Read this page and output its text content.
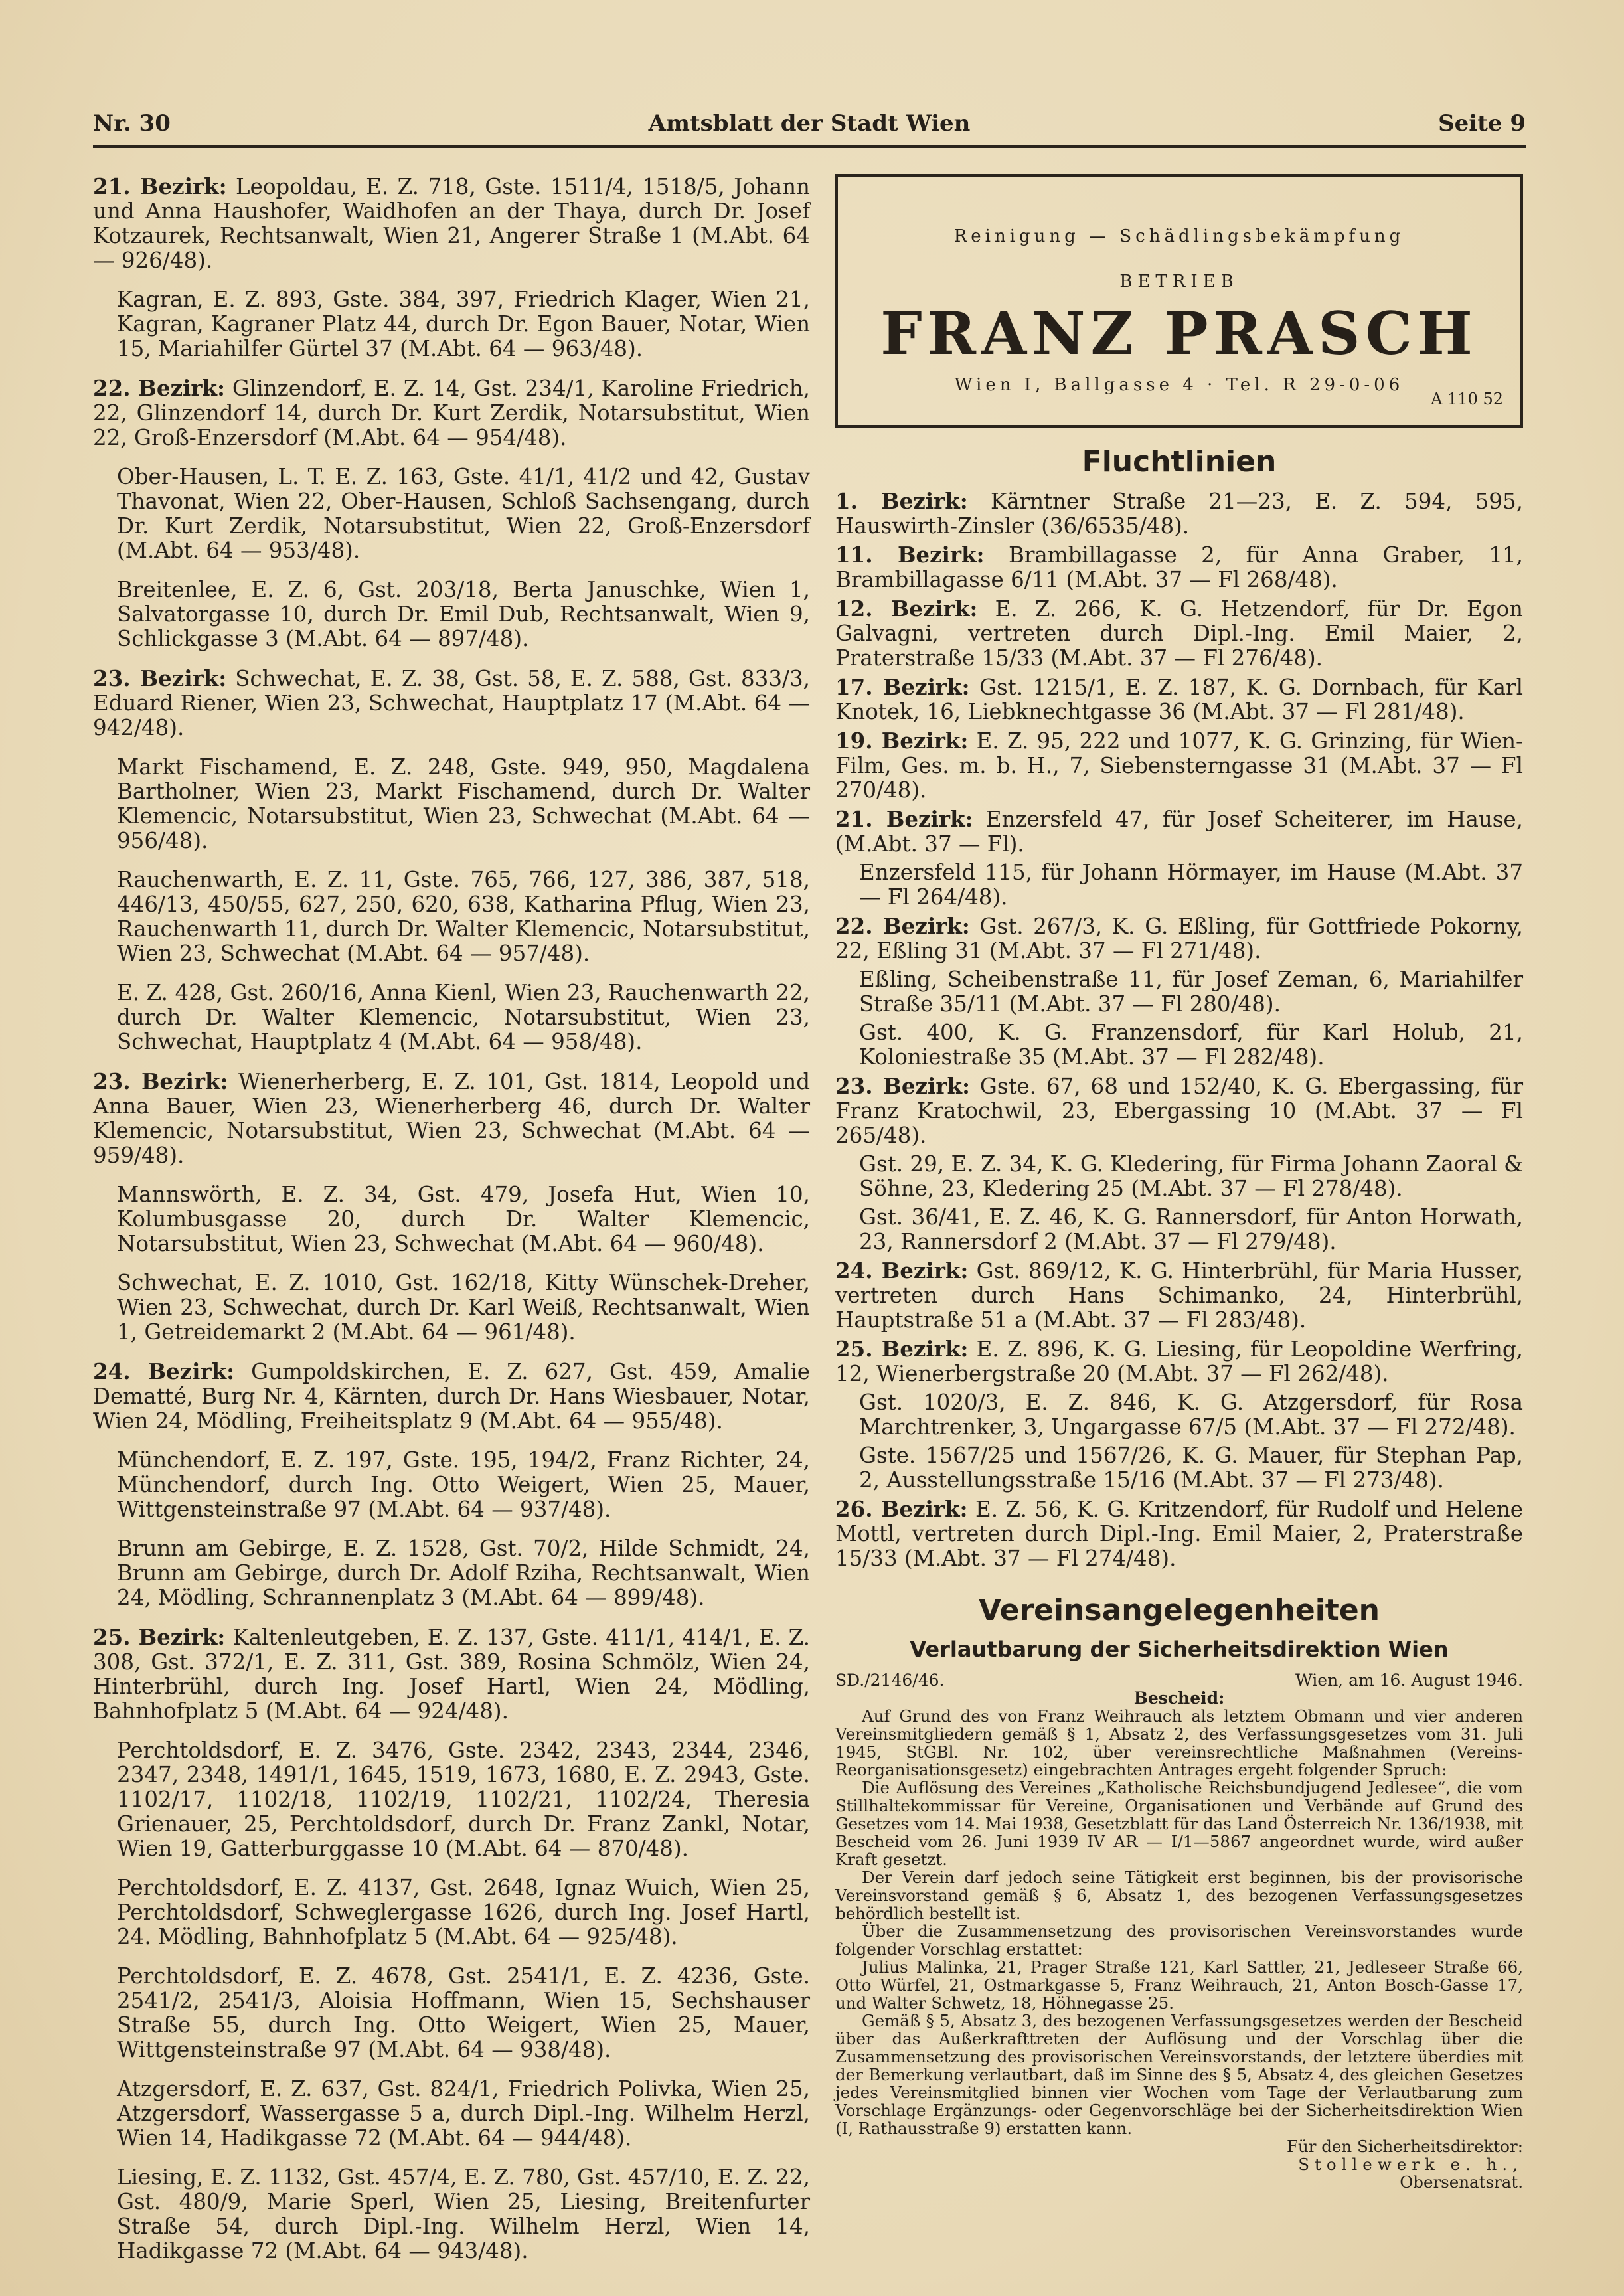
Nr. 30	Amtsblatt der Stadt Wien	Seite 9

21. Bezirk: Leopoldau, E. Z. 718, Gste. 1511/4, 1518/5, Johann und Anna Haushofer, Waidhofen an der Thaya, durch Dr. Josef Kotzaurek, Rechtsanwalt, Wien 21, Angerer Straße 1 (M.Abt. 64 — 926/48).

Kagran, E. Z. 893, Gste. 384, 397, Friedrich Klager, Wien 21, Kagran, Kagraner Platz 44, durch Dr. Egon Bauer, Notar, Wien 15, Mariahilfer Gürtel 37 (M.Abt. 64 — 963/48).

22. Bezirk: Glinzendorf, E. Z. 14, Gst. 234/1, Karoline Friedrich, 22, Glinzendorf 14, durch Dr. Kurt Zerdik, Notarsubstitut, Wien 22, Groß-Enzersdorf (M.Abt. 64 — 954/48).

Ober-Hausen, L. T. E. Z. 163, Gste. 41/1, 41/2 und 42, Gustav Thavonat, Wien 22, Ober-Hausen, Schloß Sachsengang, durch Dr. Kurt Zerdik, Notarsubstitut, Wien 22, Groß-Enzersdorf (M.Abt. 64 — 953/48).

Breitenlee, E. Z. 6, Gst. 203/18, Berta Januschke, Wien 1, Salvatorgasse 10, durch Dr. Emil Dub, Rechtsanwalt, Wien 9, Schlickgasse 3 (M.Abt. 64 — 897/48).

23. Bezirk: Schwechat, E. Z. 38, Gst. 58, E. Z. 588, Gst. 833/3, Eduard Riener, Wien 23, Schwechat, Hauptplatz 17 (M.Abt. 64 — 942/48).

Markt Fischamend, E. Z. 248, Gste. 949, 950, Magdalena Bartholner, Wien 23, Markt Fischamend, durch Dr. Walter Klemencic, Notarsubstitut, Wien 23, Schwechat (M.Abt. 64 — 956/48).

Rauchenwarth, E. Z. 11, Gste. 765, 766, 127, 386, 387, 518, 446/13, 450/55, 627, 250, 620, 638, Katharina Pflug, Wien 23, Rauchenwarth 11, durch Dr. Walter Klemencic, Notarsubstitut, Wien 23, Schwechat (M.Abt. 64 — 957/48).

E. Z. 428, Gst. 260/16, Anna Kienl, Wien 23, Rauchenwarth 22, durch Dr. Walter Klemencic, Notarsubstitut, Wien 23, Schwechat, Hauptplatz 4 (M.Abt. 64 — 958/48).

23. Bezirk: Wienerherberg, E. Z. 101, Gst. 1814, Leopold und Anna Bauer, Wien 23, Wienerherberg 46, durch Dr. Walter Klemencic, Notarsubstitut, Wien 23, Schwechat (M.Abt. 64 — 959/48).

Mannswörth, E. Z. 34, Gst. 479, Josefa Hut, Wien 10, Kolumbusgasse 20, durch Dr. Walter Klemencic, Notarsubstitut, Wien 23, Schwechat (M.Abt. 64 — 960/48).

Schwechat, E. Z. 1010, Gst. 162/18, Kitty Wünschek-Dreher, Wien 23, Schwechat, durch Dr. Karl Weiß, Rechtsanwalt, Wien 1, Getreidemarkt 2 (M.Abt. 64 — 961/48).

24. Bezirk: Gumpoldskirchen, E. Z. 627, Gst. 459, Amalie Dematté, Burg Nr. 4, Kärnten, durch Dr. Hans Wiesbauer, Notar, Wien 24, Mödling, Freiheitsplatz 9 (M.Abt. 64 — 955/48).

Münchendorf, E. Z. 197, Gste. 195, 194/2, Franz Richter, 24, Münchendorf, durch Ing. Otto Weigert, Wien 25, Mauer, Wittgensteinstraße 97 (M.Abt. 64 — 937/48).

Brunn am Gebirge, E. Z. 1528, Gst. 70/2, Hilde Schmidt, 24, Brunn am Gebirge, durch Dr. Adolf Rziha, Rechtsanwalt, Wien 24, Mödling, Schrannenplatz 3 (M.Abt. 64 — 899/48).

25. Bezirk: Kaltenleutgeben, E. Z. 137, Gste. 411/1, 414/1, E. Z. 308, Gst. 372/1, E. Z. 311, Gst. 389, Rosina Schmölz, Wien 24, Hinterbrühl, durch Ing. Josef Hartl, Wien 24, Mödling, Bahnhofplatz 5 (M.Abt. 64 — 924/48).

Perchtoldsdorf, E. Z. 3476, Gste. 2342, 2343, 2344, 2346, 2347, 2348, 1491/1, 1645, 1519, 1673, 1680, E. Z. 2943, Gste. 1102/17, 1102/18, 1102/19, 1102/21, 1102/24, Theresia Grienauer, 25, Perchtoldsdorf, durch Dr. Franz Zankl, Notar, Wien 19, Gatterburggasse 10 (M.Abt. 64 — 870/48).

Perchtoldsdorf, E. Z. 4137, Gst. 2648, Ignaz Wuich, Wien 25, Perchtoldsdorf, Schweglergasse 1626, durch Ing. Josef Hartl, 24. Mödling, Bahnhofplatz 5 (M.Abt. 64 — 925/48).

Perchtoldsdorf, E. Z. 4678, Gst. 2541/1, E. Z. 4236, Gste. 2541/2, 2541/3, Aloisia Hoffmann, Wien 15, Sechshauser Straße 55, durch Ing. Otto Weigert, Wien 25, Mauer, Wittgensteinstraße 97 (M.Abt. 64 — 938/48).

Atzgersdorf, E. Z. 637, Gst. 824/1, Friedrich Polivka, Wien 25, Atzgersdorf, Wassergasse 5 a, durch Dipl.-Ing. Wilhelm Herzl, Wien 14, Hadikgasse 72 (M.Abt. 64 — 944/48).

Liesing, E. Z. 1132, Gst. 457/4, E. Z. 780, Gst. 457/10, E. Z. 22, Gst. 480/9, Marie Sperl, Wien 25, Liesing, Breitenfurter Straße 54, durch Dipl.-Ing. Wilhelm Herzl, Wien 14, Hadikgasse 72 (M.Abt. 64 — 943/48).

Reinigung — Schädlingsbekämpfung
BETRIEB
FRANZ PRASCH
Wien I, Ballgasse 4 · Tel. R 29-0-06
A 110 52
Fluchtlinien

1. Bezirk: Kärntner Straße 21—23, E. Z. 594, 595, Hauswirth-Zinsler (36/6535/48).

11. Bezirk: Brambillagasse 2, für Anna Graber, 11, Brambillagasse 6/11 (M.Abt. 37 — Fl 268/48).

12. Bezirk: E. Z. 266, K. G. Hetzendorf, für Dr. Egon Galvagni, vertreten durch Dipl.-Ing. Emil Maier, 2, Praterstraße 15/33 (M.Abt. 37 — Fl 276/48).

17. Bezirk: Gst. 1215/1, E. Z. 187, K. G. Dornbach, für Karl Knotek, 16, Liebknechtgasse 36 (M.Abt. 37 — Fl 281/48).

19. Bezirk: E. Z. 95, 222 und 1077, K. G. Grinzing, für Wien-Film, Ges. m. b. H., 7, Siebensterngasse 31 (M.Abt. 37 — Fl 270/48).

21. Bezirk: Enzersfeld 47, für Josef Scheiterer, im Hause, (M.Abt. 37 — Fl).

Enzersfeld 115, für Johann Hörmayer, im Hause (M.Abt. 37 — Fl 264/48).

22. Bezirk: Gst. 267/3, K. G. Eßling, für Gottfriede Pokorny, 22, Eßling 31 (M.Abt. 37 — Fl 271/48).

Eßling, Scheibenstraße 11, für Josef Zeman, 6, Mariahilfer Straße 35/11 (M.Abt. 37 — Fl 280/48).

Gst. 400, K. G. Franzensdorf, für Karl Holub, 21, Koloniestraße 35 (M.Abt. 37 — Fl 282/48).

23. Bezirk: Gste. 67, 68 und 152/40, K. G. Ebergassing, für Franz Kratochwil, 23, Ebergassing 10 (M.Abt. 37 — Fl 265/48).

Gst. 29, E. Z. 34, K. G. Kledering, für Firma Johann Zaoral & Söhne, 23, Kledering 25 (M.Abt. 37 — Fl 278/48).

Gst. 36/41, E. Z. 46, K. G. Rannersdorf, für Anton Horwath, 23, Rannersdorf 2 (M.Abt. 37 — Fl 279/48).

24. Bezirk: Gst. 869/12, K. G. Hinterbrühl, für Maria Husser, vertreten durch Hans Schimanko, 24, Hinterbrühl, Hauptstraße 51 a (M.Abt. 37 — Fl 283/48).

25. Bezirk: E. Z. 896, K. G. Liesing, für Leopoldine Werfring, 12, Wienerbergstraße 20 (M.Abt. 37 — Fl 262/48).

Gst. 1020/3, E. Z. 846, K. G. Atzgersdorf, für Rosa Marchtrenker, 3, Ungargasse 67/5 (M.Abt. 37 — Fl 272/48).

Gste. 1567/25 und 1567/26, K. G. Mauer, für Stephan Pap, 2, Ausstellungsstraße 15/16 (M.Abt. 37 — Fl 273/48).

26. Bezirk: E. Z. 56, K. G. Kritzendorf, für Rudolf und Helene Mottl, vertreten durch Dipl.-Ing. Emil Maier, 2, Praterstraße 15/33 (M.Abt. 37 — Fl 274/48).

Vereinsangelegenheiten
Verlautbarung der Sicherheitsdirektion Wien
SD./2146/46.	Wien, am 16. August 1946.
Bescheid:

Auf Grund des von Franz Weihrauch als letztem Obmann und vier anderen Vereinsmitgliedern gemäß § 1, Absatz 2, des Verfassungsgesetzes vom 31. Juli 1945, StGBl. Nr. 102, über vereinsrechtliche Maßnahmen (Vereins-Reorganisationsgesetz) eingebrachten Antrages ergeht folgender Spruch:

Die Auflösung des Vereines „Katholische Reichsbundjugend Jedlesee“, die vom Stillhaltekommissar für Vereine, Organisationen und Verbände auf Grund des Gesetzes vom 14. Mai 1938, Gesetzblatt für das Land Österreich Nr. 136/1938, mit Bescheid vom 26. Juni 1939 IV AR — I/1—5867 angeordnet wurde, wird außer Kraft gesetzt.

Der Verein darf jedoch seine Tätigkeit erst beginnen, bis der provisorische Vereinsvorstand gemäß § 6, Absatz 1, des bezogenen Verfassungsgesetzes behördlich bestellt ist.

Über die Zusammensetzung des provisorischen Vereinsvorstandes wurde folgender Vorschlag erstattet:

Julius Malinka, 21, Prager Straße 121, Karl Sattler, 21, Jedleseer Straße 66, Otto Würfel, 21, Ostmarkgasse 5, Franz Weihrauch, 21, Anton Bosch-Gasse 17, und Walter Schwetz, 18, Höhnegasse 25.

Gemäß § 5, Absatz 3, des bezogenen Verfassungsgesetzes werden der Bescheid über das Außerkrafttreten der Auflösung und der Vorschlag über die Zusammensetzung des provisorischen Vereinsvorstands, der letztere überdies mit der Bemerkung verlautbart, daß im Sinne des § 5, Absatz 4, des gleichen Gesetzes jedes Vereinsmitglied binnen vier Wochen vom Tage der Verlautbarung zum Vorschlage Ergänzungs- oder Gegenvorschläge bei der Sicherheitsdirektion Wien (I, Rathausstraße 9) erstatten kann.

Für den Sicherheitsdirektor:
Stollewerk e. h.,
Obersenatsrat.
